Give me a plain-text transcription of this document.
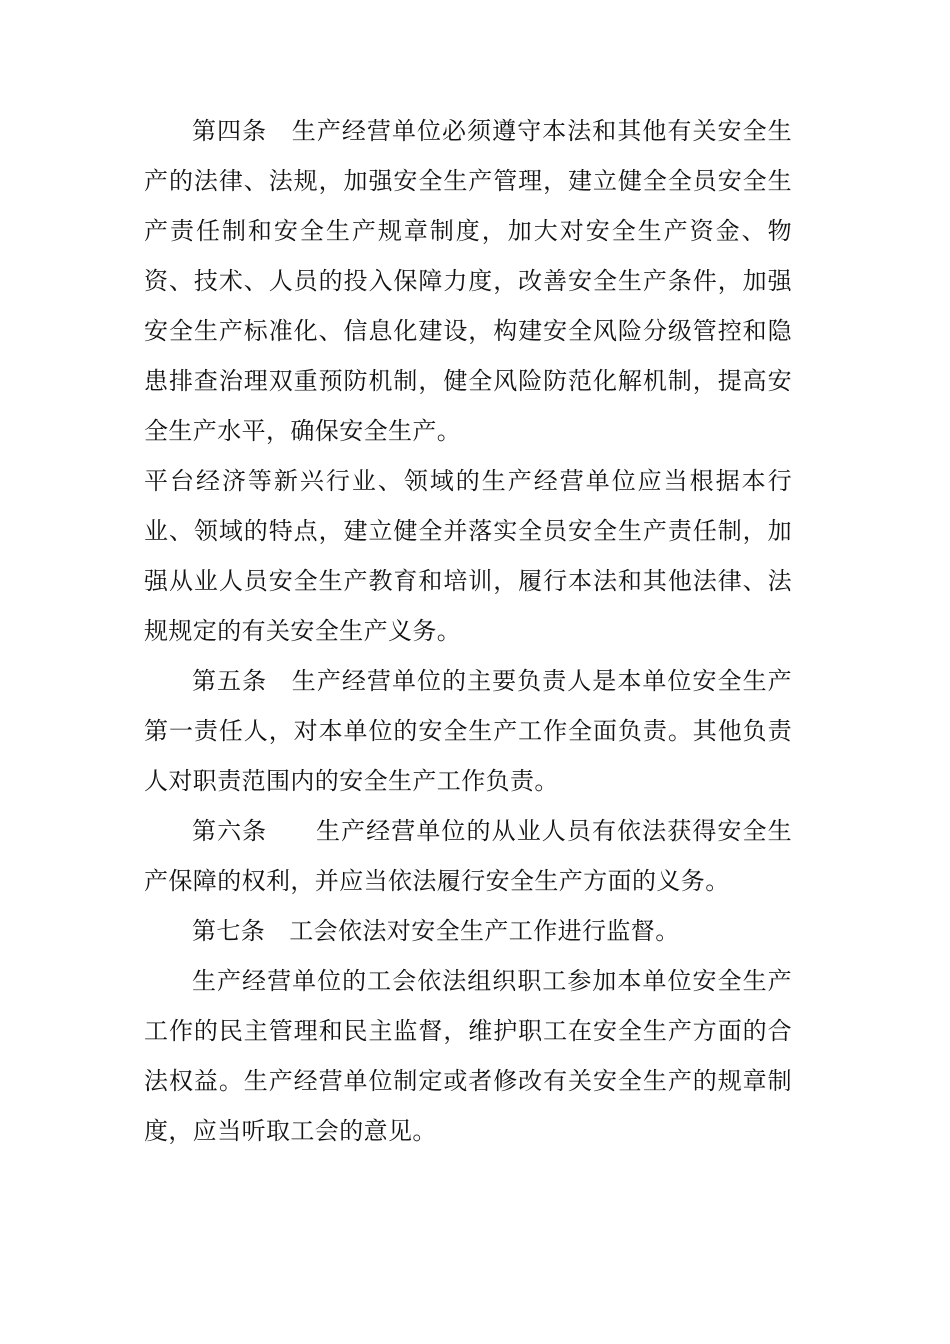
第四条 生产经营单位必须遵守本法和其他有关安全生产的法律、法规，加强安全生产管理，建立健全全员安全生产责任制和安全生产规章制度，加大对安全生产资金、物资、技术、人员的投入保障力度，改善安全生产条件，加强安全生产标准化、信息化建设，构建安全风险分级管控和隐患排查治理双重预防机制，健全风险防范化解机制，提高安全生产水平，确保安全生产。

平台经济等新兴行业、领域的生产经营单位应当根据本行业、领域的特点，建立健全并落实全员安全生产责任制，加强从业人员安全生产教育和培训，履行本法和其他法律、法规规定的有关安全生产义务。

第五条 生产经营单位的主要负责人是本单位安全生产第一责任人，对本单位的安全生产工作全面负责。其他负责人对职责范围内的安全生产工作负责。

第六条 生产经营单位的从业人员有依法获得安全生产保障的权利，并应当依法履行安全生产方面的义务。

第七条 工会依法对安全生产工作进行监督。

生产经营单位的工会依法组织职工参加本单位安全生产工作的民主管理和民主监督，维护职工在安全生产方面的合法权益。生产经营单位制定或者修改有关安全生产的规章制度，应当听取工会的意见。
